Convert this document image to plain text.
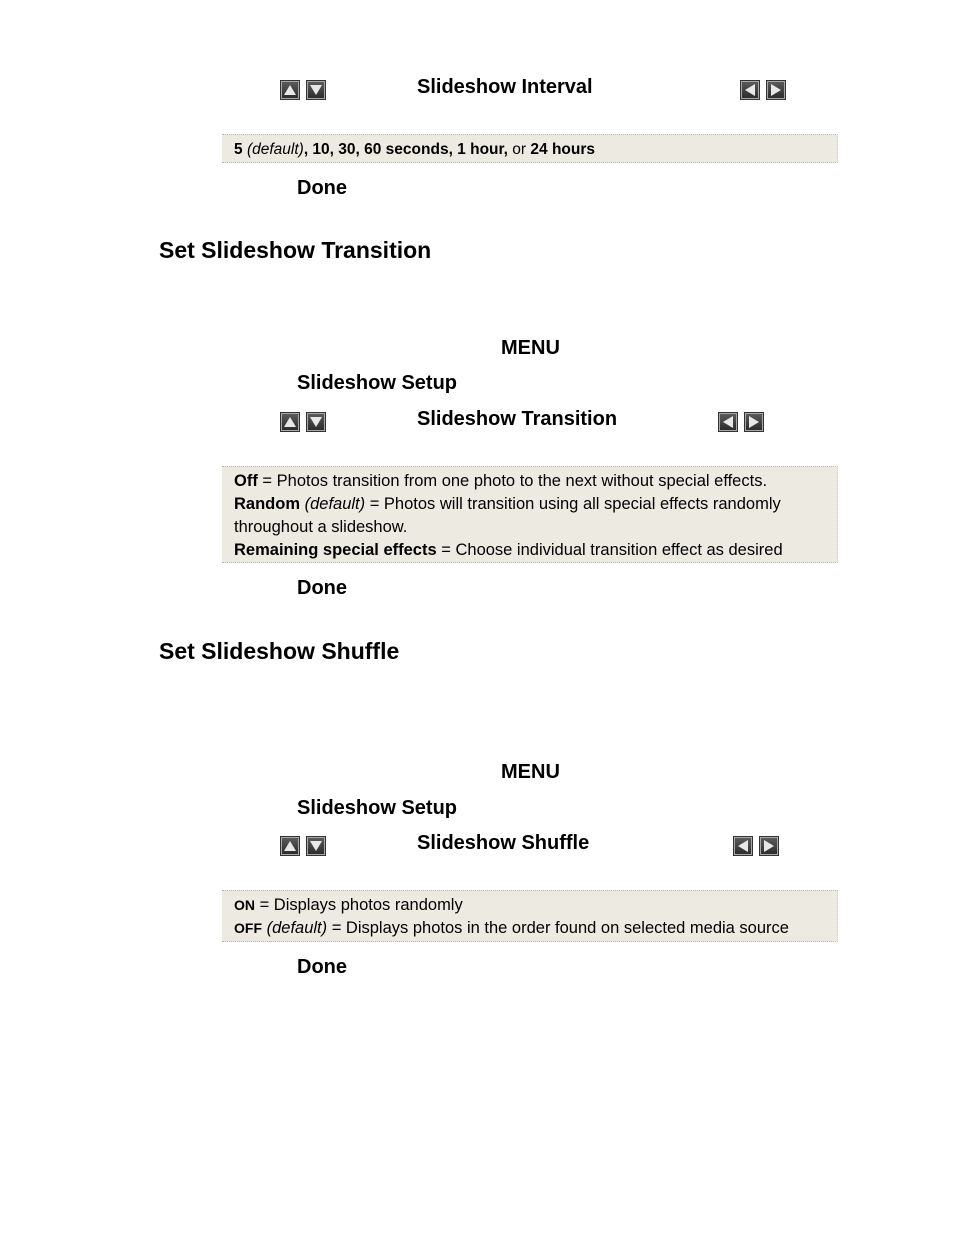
Slideshow Interval
5 (default), 10, 30, 60 seconds, 1 hour, or 24 hours
Done
Set Slideshow Transition
MENU
Slideshow Setup
Slideshow Transition
Off = Photos transition from one photo to the next without special effects.
Random (default) = Photos will transition using all special effects randomly
throughout a slideshow.
Remaining special effects = Choose individual transition effect as desired
Done
Set Slideshow Shuffle
MENU
Slideshow Setup
Slideshow Shuffle
ON = Displays photos randomly
OFF (default) = Displays photos in the order found on selected media source
Done
